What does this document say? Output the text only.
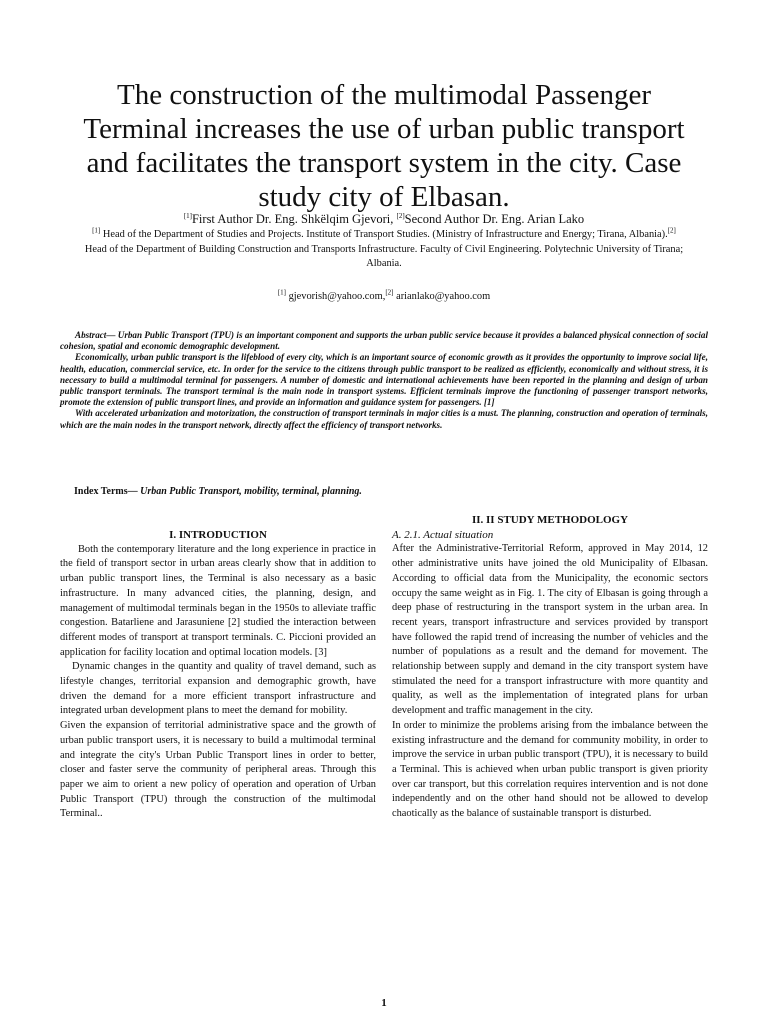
The construction of the multimodal Passenger Terminal increases the use of urban public transport and facilitates the transport system in the city. Case study city of Elbasan.
[1]First Author Dr. Eng. Shkëlqim Gjevori, [2]Second Author Dr. Eng. Arian Lako
[1] Head of the Department of Studies and Projects. Institute of Transport Studies. (Ministry of Infrastructure and Energy; Tirana, Albania).[2] Head of the Department of Building Construction and Transports Infrastructure. Faculty of Civil Engineering. Polytechnic University of Tirana; Albania.
[1] gjevorish@yahoo.com,[2] arianlako@yahoo.com

Abstract— Urban Public Transport (TPU) is an important component and supports the urban public service because it provides a balanced physical connection of social cohesion, spatial and economic demographic development.

Economically, urban public transport is the lifeblood of every city, which is an important source of economic growth as it provides the opportunity to improve social life, health, education, commercial service, etc. In order for the service to the citizens through public transport to be realized as efficiently, economically and without stress, it is necessary to build a multimodal terminal for passengers. A number of domestic and international achievements have been reported in the planning and design of urban public transport terminals. The transport terminal is the main node in transport systems. Efficient terminals improve the functioning of passenger transport networks, promote the extension of public transport lines, and provide an information and guidance system for passengers. [1]

With accelerated urbanization and motorization, the construction of transport terminals in major cities is a must. The planning, construction and operation of terminals, which are the main nodes in the transport network, directly affect the efficiency of transport networks.

Index Terms— Urban Public Transport, mobility, terminal, planning.

I. INTRODUCTION

Both the contemporary literature and the long experience in practice in the field of transport sector in urban areas clearly show that in addition to urban public transport lines, the Terminal is also necessary as a basic infrastructure. In many advanced cities, the planning, design, and management of multimodal terminals began in the 1950s to alleviate traffic congestion. Batarliene and Jarasuniene [2] studied the interaction between different modes of transport at transport terminals. C. Piccioni provided an application for facility location and optimal location models. [3]

Dynamic changes in the quantity and quality of travel demand, such as lifestyle changes, territorial expansion and demographic growth, have driven the demand for a more efficient transport infrastructure and integrated urban development plans to meet the demand for mobility.

Given the expansion of territorial administrative space and the growth of urban public transport users, it is necessary to build a multimodal terminal and integrate the city's Urban Public Transport lines in order to better, closer and faster serve the community of peripheral areas. Through this paper we aim to orient a new policy of operation and operation of Urban Public Transport (TPU) through the construction of the multimodal Terminal..

II. II STUDY METHODOLOGY

A. 2.1. Actual situation

After the Administrative-Territorial Reform, approved in May 2014, 12 other administrative units have joined the old Municipality of Elbasan. According to official data from the Municipality, the economic sectors occupy the same weight as in Fig. 1. The city of Elbasan is going through a deep phase of restructuring in the transport system in the urban area. In recent years, transport infrastructure and services provided by transport have followed the rapid trend of increasing the number of vehicles and the number of populations as a result and the demand for movement. The relationship between supply and demand in the city transport system have stimulated the need for a transport infrastructure with more quantity and quality, as well as the implementation of integrated plans for urban development and traffic management in the city.

In order to minimize the problems arising from the imbalance between the existing infrastructure and the demand for community mobility, in order to improve the service in urban public transport (TPU), it is necessary to build a Terminal. This is achieved when urban public transport is given priority over car transport, but this correlation requires intervention and is not done independently and on the other hand should not be allowed to develop chaotically as the balance of sustainable transport is disturbed.

1
